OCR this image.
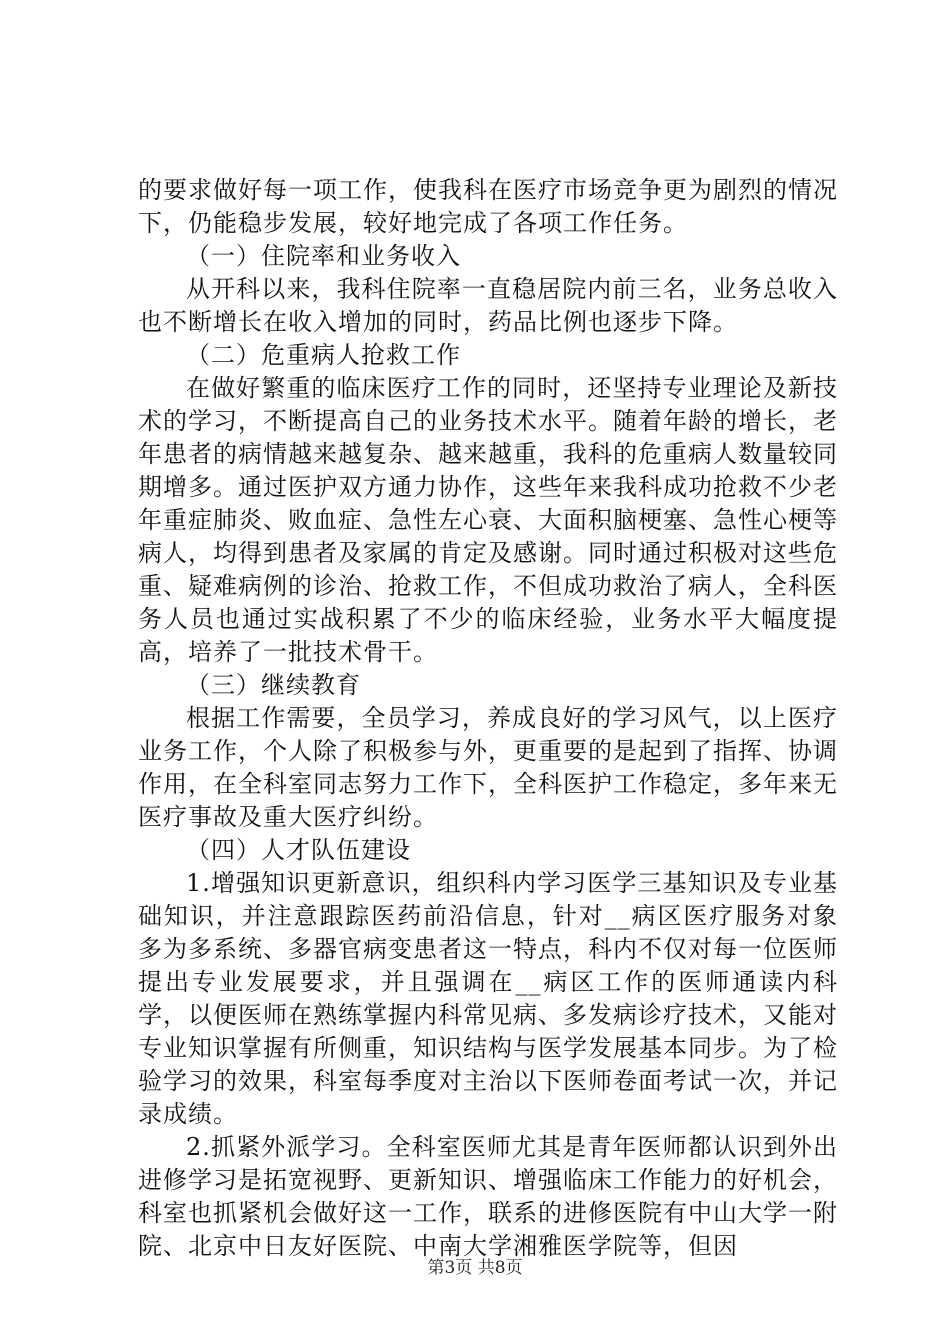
的要求做好每一项工作，使我科在医疗市场竞争更为剧烈的情况下，仍能稳步发展，较好地完成了各项工作任务。

（一）住院率和业务收入

从开科以来，我科住院率一直稳居院内前三名，业务总收入也不断增长在收入增加的同时，药品比例也逐步下降。

（二）危重病人抢救工作

在做好繁重的临床医疗工作的同时，还坚持专业理论及新技术的学习，不断提高自己的业务技术水平。随着年龄的增长，老年患者的病情越来越复杂、越来越重，我科的危重病人数量较同期增多。通过医护双方通力协作，这些年来我科成功抢救不少老年重症肺炎、败血症、急性左心衰、大面积脑梗塞、急性心梗等病人，均得到患者及家属的肯定及感谢。同时通过积极对这些危重、疑难病例的诊治、抢救工作，不但成功救治了病人，全科医务人员也通过实战积累了不少的临床经验，业务水平大幅度提高，培养了一批技术骨干。

（三）继续教育

根据工作需要，全员学习，养成良好的学习风气，以上医疗业务工作，个人除了积极参与外，更重要的是起到了指挥、协调作用，在全科室同志努力工作下，全科医护工作稳定，多年来无医疗事故及重大医疗纠纷。

（四）人才队伍建设

1.增强知识更新意识，组织科内学习医学三基知识及专业基础知识，并注意跟踪医药前沿信息，针对__病区医疗服务对象多为多系统、多器官病变患者这一特点，科内不仅对每一位医师提出专业发展要求，并且强调在__病区工作的医师通读内科学，以便医师在熟练掌握内科常见病、多发病诊疗技术，又能对专业知识掌握有所侧重，知识结构与医学发展基本同步。为了检验学习的效果，科室每季度对主治以下医师卷面考试一次，并记录成绩。

2.抓紧外派学习。全科室医师尤其是青年医师都认识到外出进修学习是拓宽视野、更新知识、增强临床工作能力的好机会，科室也抓紧机会做好这一工作，联系的进修医院有中山大学一附院、北京中日友好医院、中南大学湘雅医学院等，但因

第3页 共8页
